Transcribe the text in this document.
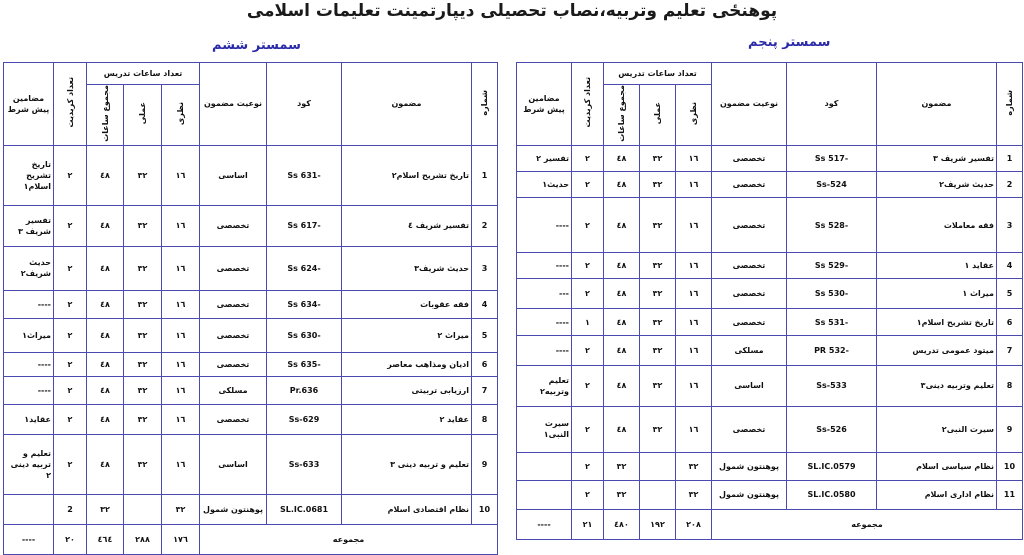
پوهنځی تعلیم وتربیه،نصاب تحصیلی دیپارتمینت تعلیمات اسلامی
سمستر ششم	سمستر پنجم
شماره	مضمون	کود	نوعیت مضمون	تعداد ساعات تدریس			تعداد کریدیت	مضامین پیش شرط
				نظری	عملی	مجموع ساعات		
1	تاریخ تشریح اسلام٢	-631 Ss	اساسی	١٦	٣٢	٤٨	٢	تاریخ تشریح اسلام١
2	تفسیر شریف ٤	-617 Ss	تخصصی	١٦	٣٢	٤٨	٢	تفسیر شریف ٣
3	حدیث شریف٣	-624 Ss	تخصصی	١٦	٣٢	٤٨	٢	حدیث شریف٢
4	فقه عقوبات	-634 Ss	تخصصی	١٦	٣٢	٤٨	٢	----
5	میراث ٢	-630 Ss	تخصصی	١٦	٣٢	٤٨	٢	میراث١
6	ادیان ومذاهب معاصر	-635 Ss	تخصصی	١٦	٣٢	٤٨	٢	----
7	ارزیابی تربیتی	Pr.636	مسلکی	١٦	٣٢	٤٨	٢	----
8	عقاید ٢	Ss-629	تخصصی	١٦	٣٢	٤٨	٢	عقاید١
9	تعلیم و تربیه دینی ٣	Ss-633	اساسی	١٦	٣٢	٤٨	٢	تعلیم و تربیه دینی ٢
10	نظام اقتصادی اسلام	SL.IC.0681	پوهنتون شمول	٣٢		٣٢	2	
مجموعه				١٧٦	٢٨٨	٤٦٤	٢٠	----
شماره	مضمون	کود	نوعیت مضمون	تعداد ساعات تدریس			تعداد کریدیت	مضامین پیش شرط
				نظری	عملی	مجموع ساعات		
1	تفسیر شریف ٣	-517 Ss	تخصصی	١٦	٣٢	٤٨	٢	تفسیر ٢
2	حدیث شریف٢	Ss-524	تخصصی	١٦	٣٢	٤٨	٢	حدیث١
3	فقه معاملات	-528 Ss	تخصصی	١٦	٣٢	٤٨	٢	----
4	عقاید ١	-529 Ss	تخصصی	١٦	٣٢	٤٨	٢	----
5	میراث ١	-530 Ss	تخصصی	١٦	٣٢	٤٨	٢	---
6	تاریخ تشریح اسلام١	-531 Ss	تخصصی	١٦	٣٢	٤٨	١	----
7	میتود عمومی تدریس	-532 PR	مسلکی	١٦	٣٢	٤٨	٢	----
8	تعلیم وتربیه دینی٣	Ss-533	اساسی	١٦	٣٢	٤٨	٢	تعلیم وتربیه٢
9	سیرت النبی٢	Ss-526	تخصصی	١٦	٣٢	٤٨	٢	سیرت النبی١
10	نظام سیاسی اسلام	SL.IC.0579	پوهنتون شمول	٣٢		٣٢	٢	
11	نظام اداری اسلام	SL.IC.0580	پوهنتون شمول	٣٢		٣٢	٢	
مجموعه				٢٠٨	١٩٢	٤٨٠	٢١	----
